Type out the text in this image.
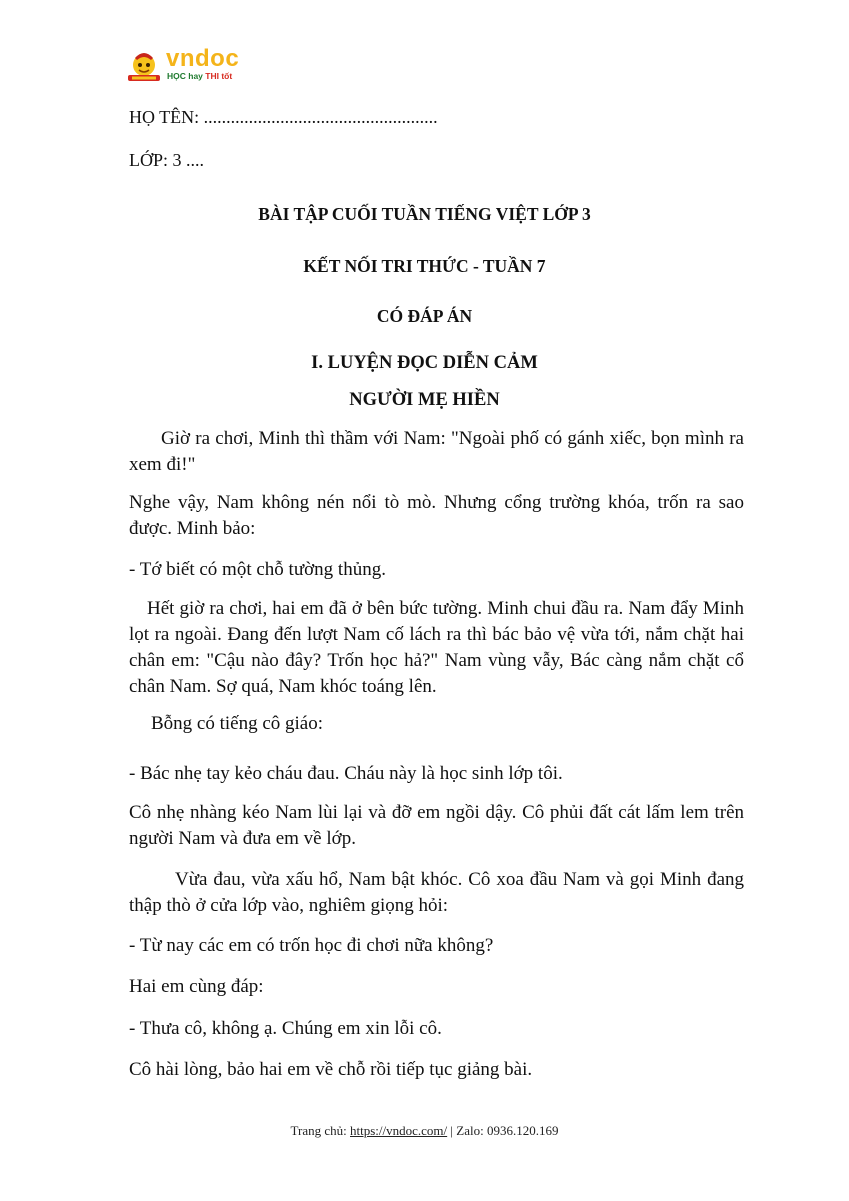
vndoc
HỌC hay THI tốt
HỌ TÊN: ....................................................
LỚP: 3 ....
BÀI TẬP CUỐI TUẦN TIẾNG VIỆT LỚP 3
KẾT NỐI TRI THỨC - TUẦN 7
CÓ ĐÁP ÁN
I. LUYỆN ĐỌC DIỄN CẢM
NGƯỜI MẸ HIỀN
Giờ ra chơi, Minh thì thầm với Nam: "Ngoài phố có gánh xiếc, bọn mình ra xem đi!"
Nghe vậy, Nam không nén nổi tò mò. Nhưng cổng trường khóa, trốn ra sao được. Minh bảo:
- Tớ biết có một chỗ tường thủng.
Hết giờ ra chơi, hai em đã ở bên bức tường. Minh chui đầu ra. Nam đẩy Minh lọt ra ngoài. Đang đến lượt Nam cố lách ra thì bác bảo vệ vừa tới, nắm chặt hai chân em: "Cậu nào đây? Trốn học hả?" Nam vùng vẫy, Bác càng nắm chặt cổ chân Nam. Sợ quá, Nam khóc toáng lên.
Bỗng có tiếng cô giáo:
- Bác nhẹ tay kẻo cháu đau. Cháu này là học sinh lớp tôi.
Cô nhẹ nhàng kéo Nam lùi lại và đỡ em ngồi dậy. Cô phủi đất cát lấm lem trên người Nam và đưa em về lớp.
Vừa đau, vừa xấu hổ, Nam bật khóc. Cô xoa đầu Nam và gọi Minh đang thập thò ở cửa lớp vào, nghiêm giọng hỏi:
- Từ nay các em có trốn học đi chơi nữa không?
Hai em cùng đáp:
- Thưa cô, không ạ. Chúng em xin lỗi cô.
Cô hài lòng, bảo hai em về chỗ rồi tiếp tục giảng bài.
Trang chủ: https://vndoc.com/ | Zalo: 0936.120.169
